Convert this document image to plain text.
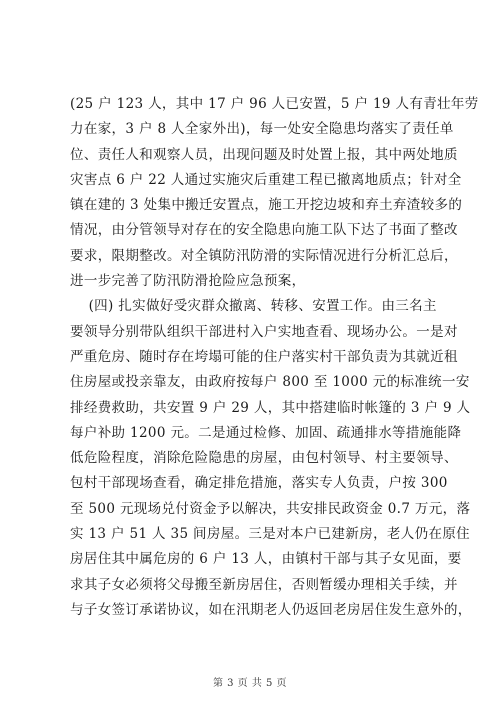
(25 户 123 人，其中 17 户 96 人已安置，5 户 19 人有青壮年劳
力在家，3 户 8 人全家外出)，每一处安全隐患均落实了责任单
位、责任人和观察人员，出现问题及时处置上报，其中两处地质
灾害点 6 户 22 人通过实施灾后重建工程已撤离地质点；针对全
镇在建的 3 处集中搬迁安置点，施工开挖边坡和弃土弃渣较多的
情况，由分管领导对存在的安全隐患向施工队下达了书面了整改
要求，限期整改。对全镇防汛防滑的实际情况进行分析汇总后，
进一步完善了防汛防滑抢险应急预案，
(四) 扎实做好受灾群众撤离、转移、安置工作。由三名主
要领导分别带队组织干部进村入户实地查看、现场办公。一是对
严重危房、随时存在垮塌可能的住户落实村干部负责为其就近租
住房屋或投亲靠友，由政府按每户 800 至 1000 元的标准统一安
排经费救助，共安置 9 户 29 人，其中搭建临时帐篷的 3 户 9 人
每户补助 1200 元。二是通过检修、加固、疏通排水等措施能降
低危险程度，消除危险隐患的房屋，由包村领导、村主要领导、
包村干部现场查看，确定排危措施，落实专人负责，户按 300
至 500 元现场兑付资金予以解决，共安排民政资金 0.7 万元，落
实 13 户 51 人 35 间房屋。三是对本户已建新房，老人仍在原住
房居住其中属危房的 6 户 13 人，由镇村干部与其子女见面，要
求其子女必须将父母搬至新房居住，否则暂缓办理相关手续，并
与子女签订承诺协议，如在汛期老人仍返回老房居住发生意外的，
第 3 页 共 5 页
